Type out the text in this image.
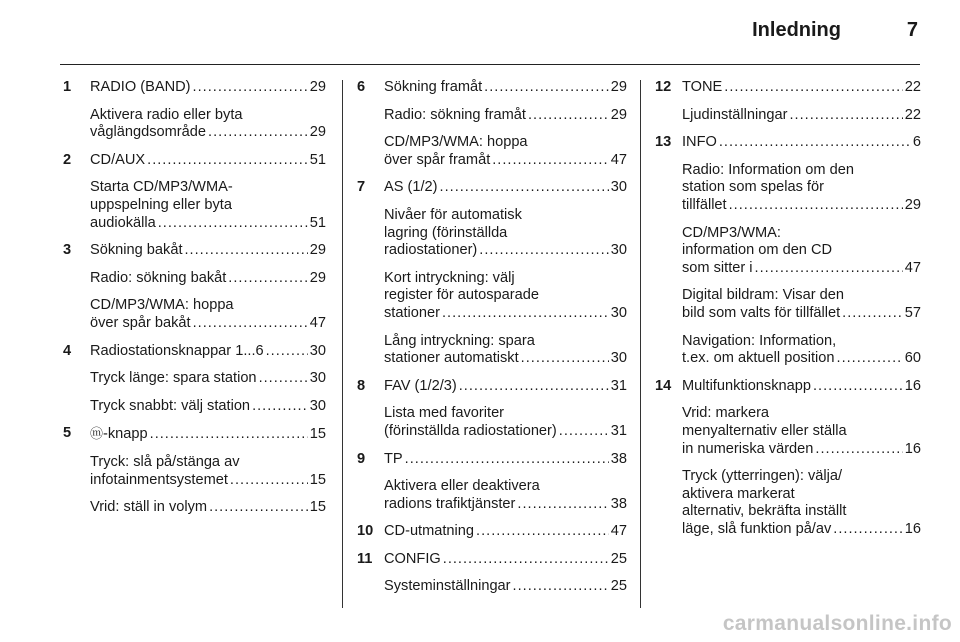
Inledning	7
1 RADIO (BAND) .....	29
Aktivera radio eller byta
våglängdsområde .....	29
2 CD/AUX .....	51
Starta CD/MP3/WMA-
uppspelning eller byta
audiokälla .....	51
3 Sökning bakåt .....	29
Radio: sökning bakåt .....	29
CD/MP3/WMA: hoppa
över spår bakåt .....	47
4 Radiostationsknappar 1...6 .....	30
Tryck länge: spara station .....	30
Tryck snabbt: välj station .....	30
5 ⓜ-knapp .....	15
Tryck: slå på/stänga av
infotainmentsystemet .....	15
Vrid: ställ in volym .....	15
6 Sökning framåt .....	29
Radio: sökning framåt .....	29
CD/MP3/WMA: hoppa
över spår framåt .....	47
7 AS (1/2) .....	30
Nivåer för automatisk
lagring (förinställda
radiostationer) .....	30
Kort intryckning: välj
register för autosparade
stationer .....	30
Lång intryckning: spara
stationer automatiskt .....	30
8 FAV (1/2/3) .....	31
Lista med favoriter
(förinställda radiostationer) .....	31
9 TP .....	38
Aktivera eller deaktivera
radions trafiktjänster .....	38
10 CD-utmatning .....	47
11 CONFIG .....	25
Systeminställningar .....	25
12 TONE .....	22
Ljudinställningar .....	22
13 INFO .....	6
Radio: Information om den
station som spelas för
tillfället .....	29
CD/MP3/WMA:
information om den CD
som sitter i .....	47
Digital bildram: Visar den
bild som valts för tillfället .....	57
Navigation: Information,
t.ex. om aktuell position .....	60
14 Multifunktionsknapp .....	16
Vrid: markera
menyalternativ eller ställa
in numeriska värden .....	16
Tryck (ytterringen): välja/
aktivera markerat
alternativ, bekräfta inställt
läge, slå funktion på/av .....	16
carmanualsonline.info
